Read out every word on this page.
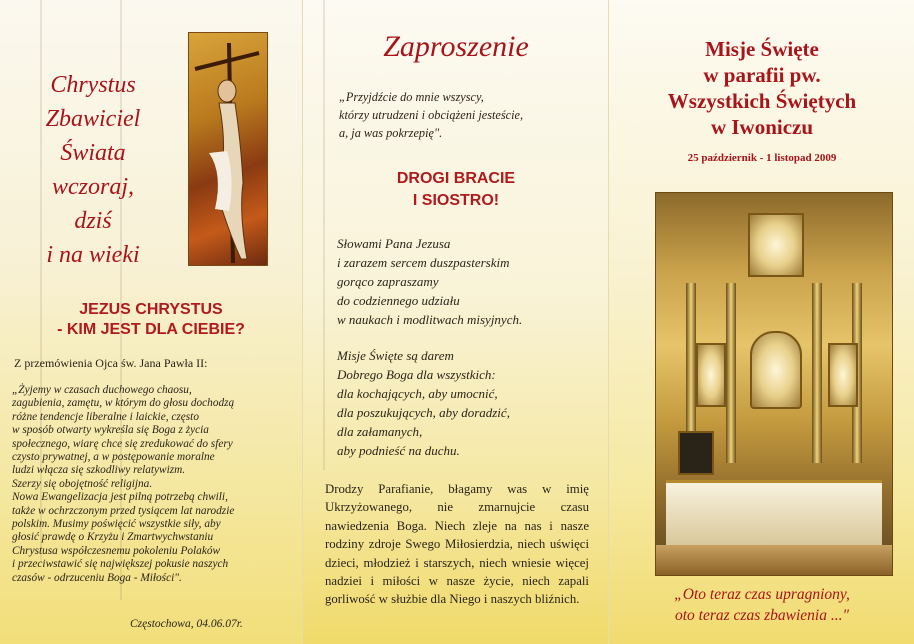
Chrystus
Zbawiciel
Świata
wczoraj,
dziś
i na wieki
JEZUS CHRYSTUS
- KIM JEST DLA CIEBIE?
Z przemówienia Ojca św. Jana Pawła II:
„Żyjemy w czasach duchowego chaosu,
zagubienia, zamętu, w którym do głosu dochodzą
różne tendencje liberalne i laickie, często
w sposób otwarty wykreśla się Boga z życia
społecznego, wiarę chce się zredukować do sfery
czysto prywatnej, a w postępowanie moralne
ludzi włącza się szkodliwy relatywizm.
Szerzy się obojętność religijna.
Nowa Ewangelizacja jest pilną potrzebą chwili,
także w ochrzczonym przed tysiącem lat narodzie
polskim. Musimy poświęcić wszystkie siły, aby
głosić prawdę o Krzyżu i Zmartwychwstaniu
Chrystusa współczesnemu pokoleniu Polaków
i przeciwstawić się największej pokusie naszych
czasów - odrzuceniu Boga - Miłości".
Częstochowa, 04.06.07r.
Zaproszenie
„Przyjdźcie do mnie wszyscy,
którzy utrudzeni i obciążeni jesteście,
a, ja was pokrzepię".
DROGI BRACIE
I SIOSTRO!
Słowami Pana Jezusa
i zarazem sercem duszpasterskim
gorąco zapraszamy
do codziennego udziału
w naukach i modlitwach misyjnych.
Misje Święte są darem
Dobrego Boga dla wszystkich:
dla kochających, aby umocnić,
dla poszukujących, aby doradzić,
dla załamanych,
aby podnieść na duchu.
Drodzy Parafianie, błagamy was w imię Ukrzyżowanego, nie zmarnujcie czasu nawiedzenia Boga. Niech zleje na nas i nasze rodziny zdroje Swego Miłosierdzia, niech uświęci dzieci, młodzież i starszych, niech wniesie więcej nadziei i miłości w nasze życie, niech zapali gorliwość w służbie dla Niego i naszych bliźnich.
Misje Święte
w parafii pw.
Wszystkich Świętych
w Iwoniczu
25 październik - 1 listopad 2009
„Oto teraz czas upragniony,
oto teraz czas zbawienia ..."
